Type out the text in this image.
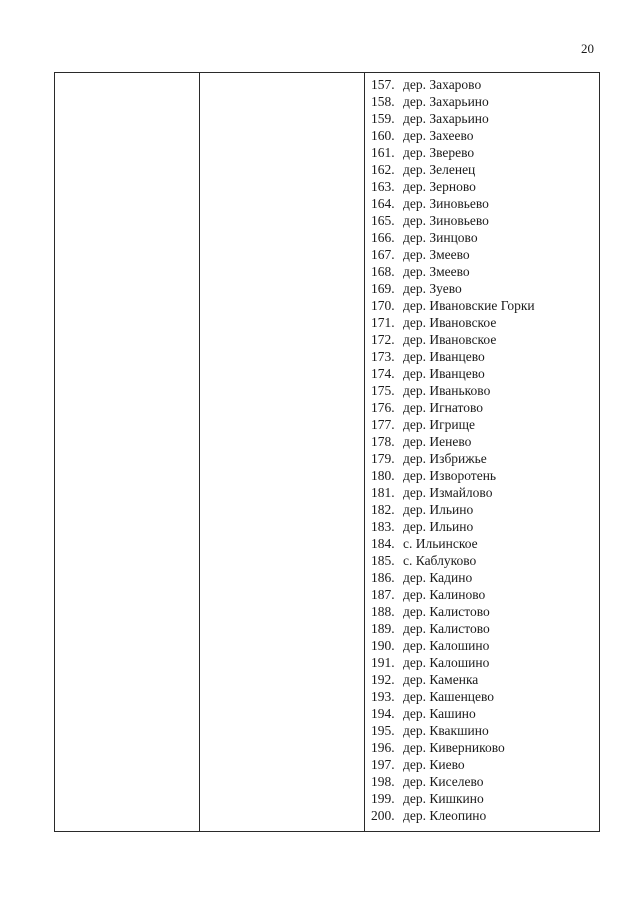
20
157. дер. Захарово
158. дер. Захарьино
159. дер. Захарьино
160. дер. Захеево
161. дер. Зверево
162. дер. Зеленец
163. дер. Зерново
164. дер. Зиновьево
165. дер. Зиновьево
166. дер. Зинцово
167. дер. Змеево
168. дер. Змеево
169. дер. Зуево
170. дер. Ивановские Горки
171. дер. Ивановское
172. дер. Ивановское
173. дер. Иванцево
174. дер. Иванцево
175. дер. Иваньково
176. дер. Игнатово
177. дер. Игрище
178. дер. Иенево
179. дер. Избрижье
180. дер. Изворотень
181. дер. Измайлово
182. дер. Ильино
183. дер. Ильино
184. с. Ильинское
185. с. Каблуково
186. дер. Кадино
187. дер. Калиново
188. дер. Калистово
189. дер. Калистово
190. дер. Калошино
191. дер. Калошино
192. дер. Каменка
193. дер. Кашенцево
194. дер. Кашино
195. дер. Квакшино
196. дер. Киверниково
197. дер. Киево
198. дер. Киселево
199. дер. Кишкино
200. дер. Клеопино
